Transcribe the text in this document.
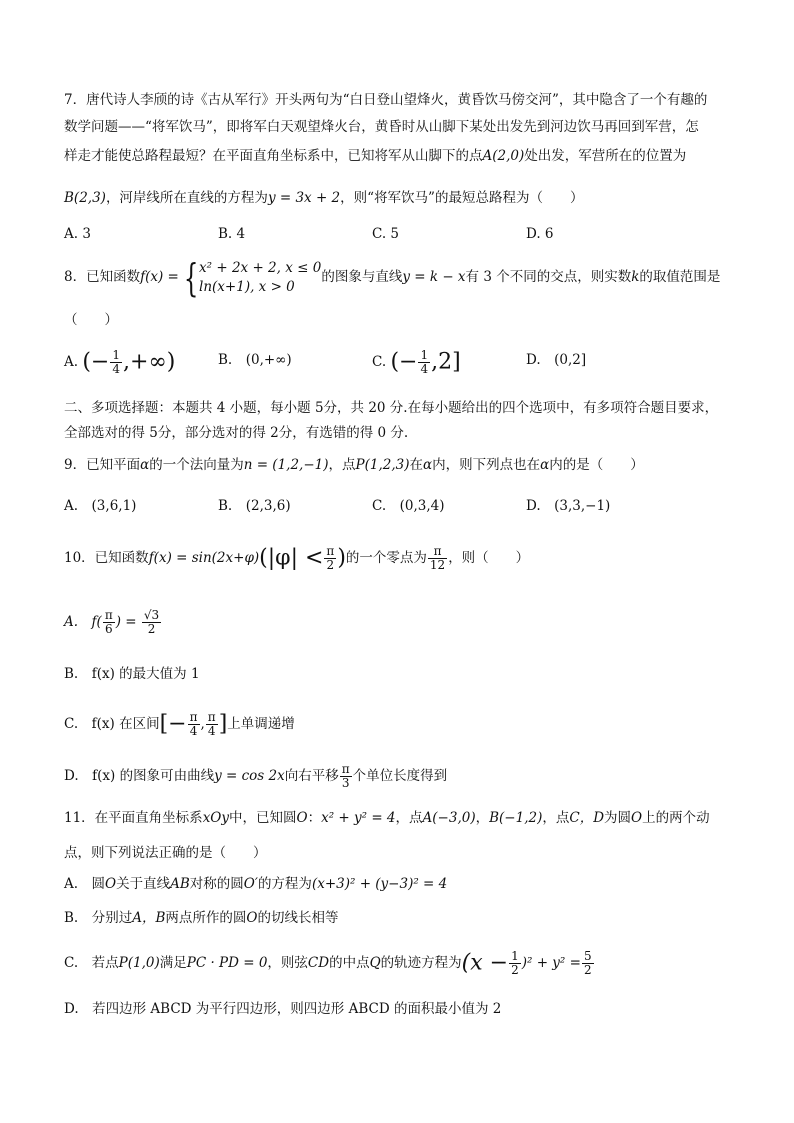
7．唐代诗人李颀的诗《古从军行》开头两句为“白日登山望烽火，黄昏饮马傍交河”，其中隐含了一个有趣的
数学问题——“将军饮马”，即将军白天观望烽火台，黄昏时从山脚下某处出发先到河边饮马再回到军营，怎
样走才能使总路程最短？在平面直角坐标系中，已知将军从山脚下的点A(2,0)处出发，军营所在的位置为
B(2,3)，河岸线所在直线的方程为y = 3x + 2，则“将军饮马”的最短总路程为（　　）
A. 3	B. 4	C. 5	D. 6
8．已知函数f(x) = { x² + 2x + 2, x ≤ 0
ln(x+1), x > 0
的图象与直线y = k − x有 3 个不同的交点，则实数k的取值范围是
（　　）
A. (− $\frac{1}{4}$ ,+∞)	B.　(0,+∞)	C. (− $\frac{1}{4} ,2$]	D.　(0,2]
二、多项选择题：本题共 4 小题，每小题 5分，共 20 分.在每小题给出的四个选项中，有多项符合题目要求，
全部选对的得 5分，部分选对的得 2分，有选错的得 0 分.
9．已知平面α的一个法向量为n = (1,2,−1)，点P(1,2,3)在α内，则下列点也在α内的是（　　）
A.　(3,6,1)	B.　(2,3,6)	C.　(0,3,4)	D.　(3,3,−1)
10．已知函数$f(x) = \sin(2x+\varphi)(|\varphi| < \frac{\pi}{2}$ )的一个零点为 $\frac{\pi}{12}$ ，则（　　）
A.　$f( \frac{\pi}{6}$ ) = $\frac{√3}{2}$
B.　f(x) 的最大值为 1
C.　f(x) 在区间[− $\frac{\pi}{4}$ , $\frac{\pi}{4}$ ]上单调递增
D.　f(x) 的图象可由曲线y = cos 2x向右平移 $\frac{\pi}{3}$ 个单位长度得到
11．在平面直角坐标系xOy中，已知圆O：x² + y² = 4，点A(−3,0)，B(−1,2)，点C，D为圆O上的两个动
点，则下列说法正确的是（　　）
A.　圆O关于直线AB对称的圆O′的方程为(x+3)² + (y−3)² = 4
B.　分别过A，B两点所作的圆O的切线长相等
C.　若点P(1,0)满足PC · PD = 0，则弦CD的中点Q的轨迹方程为$(x - \frac{1}{2} )^2 + y^2 = \frac{5}{2}$
D.　若四边形 ABCD 为平行四边形，则四边形 ABCD 的面积最小值为 2
